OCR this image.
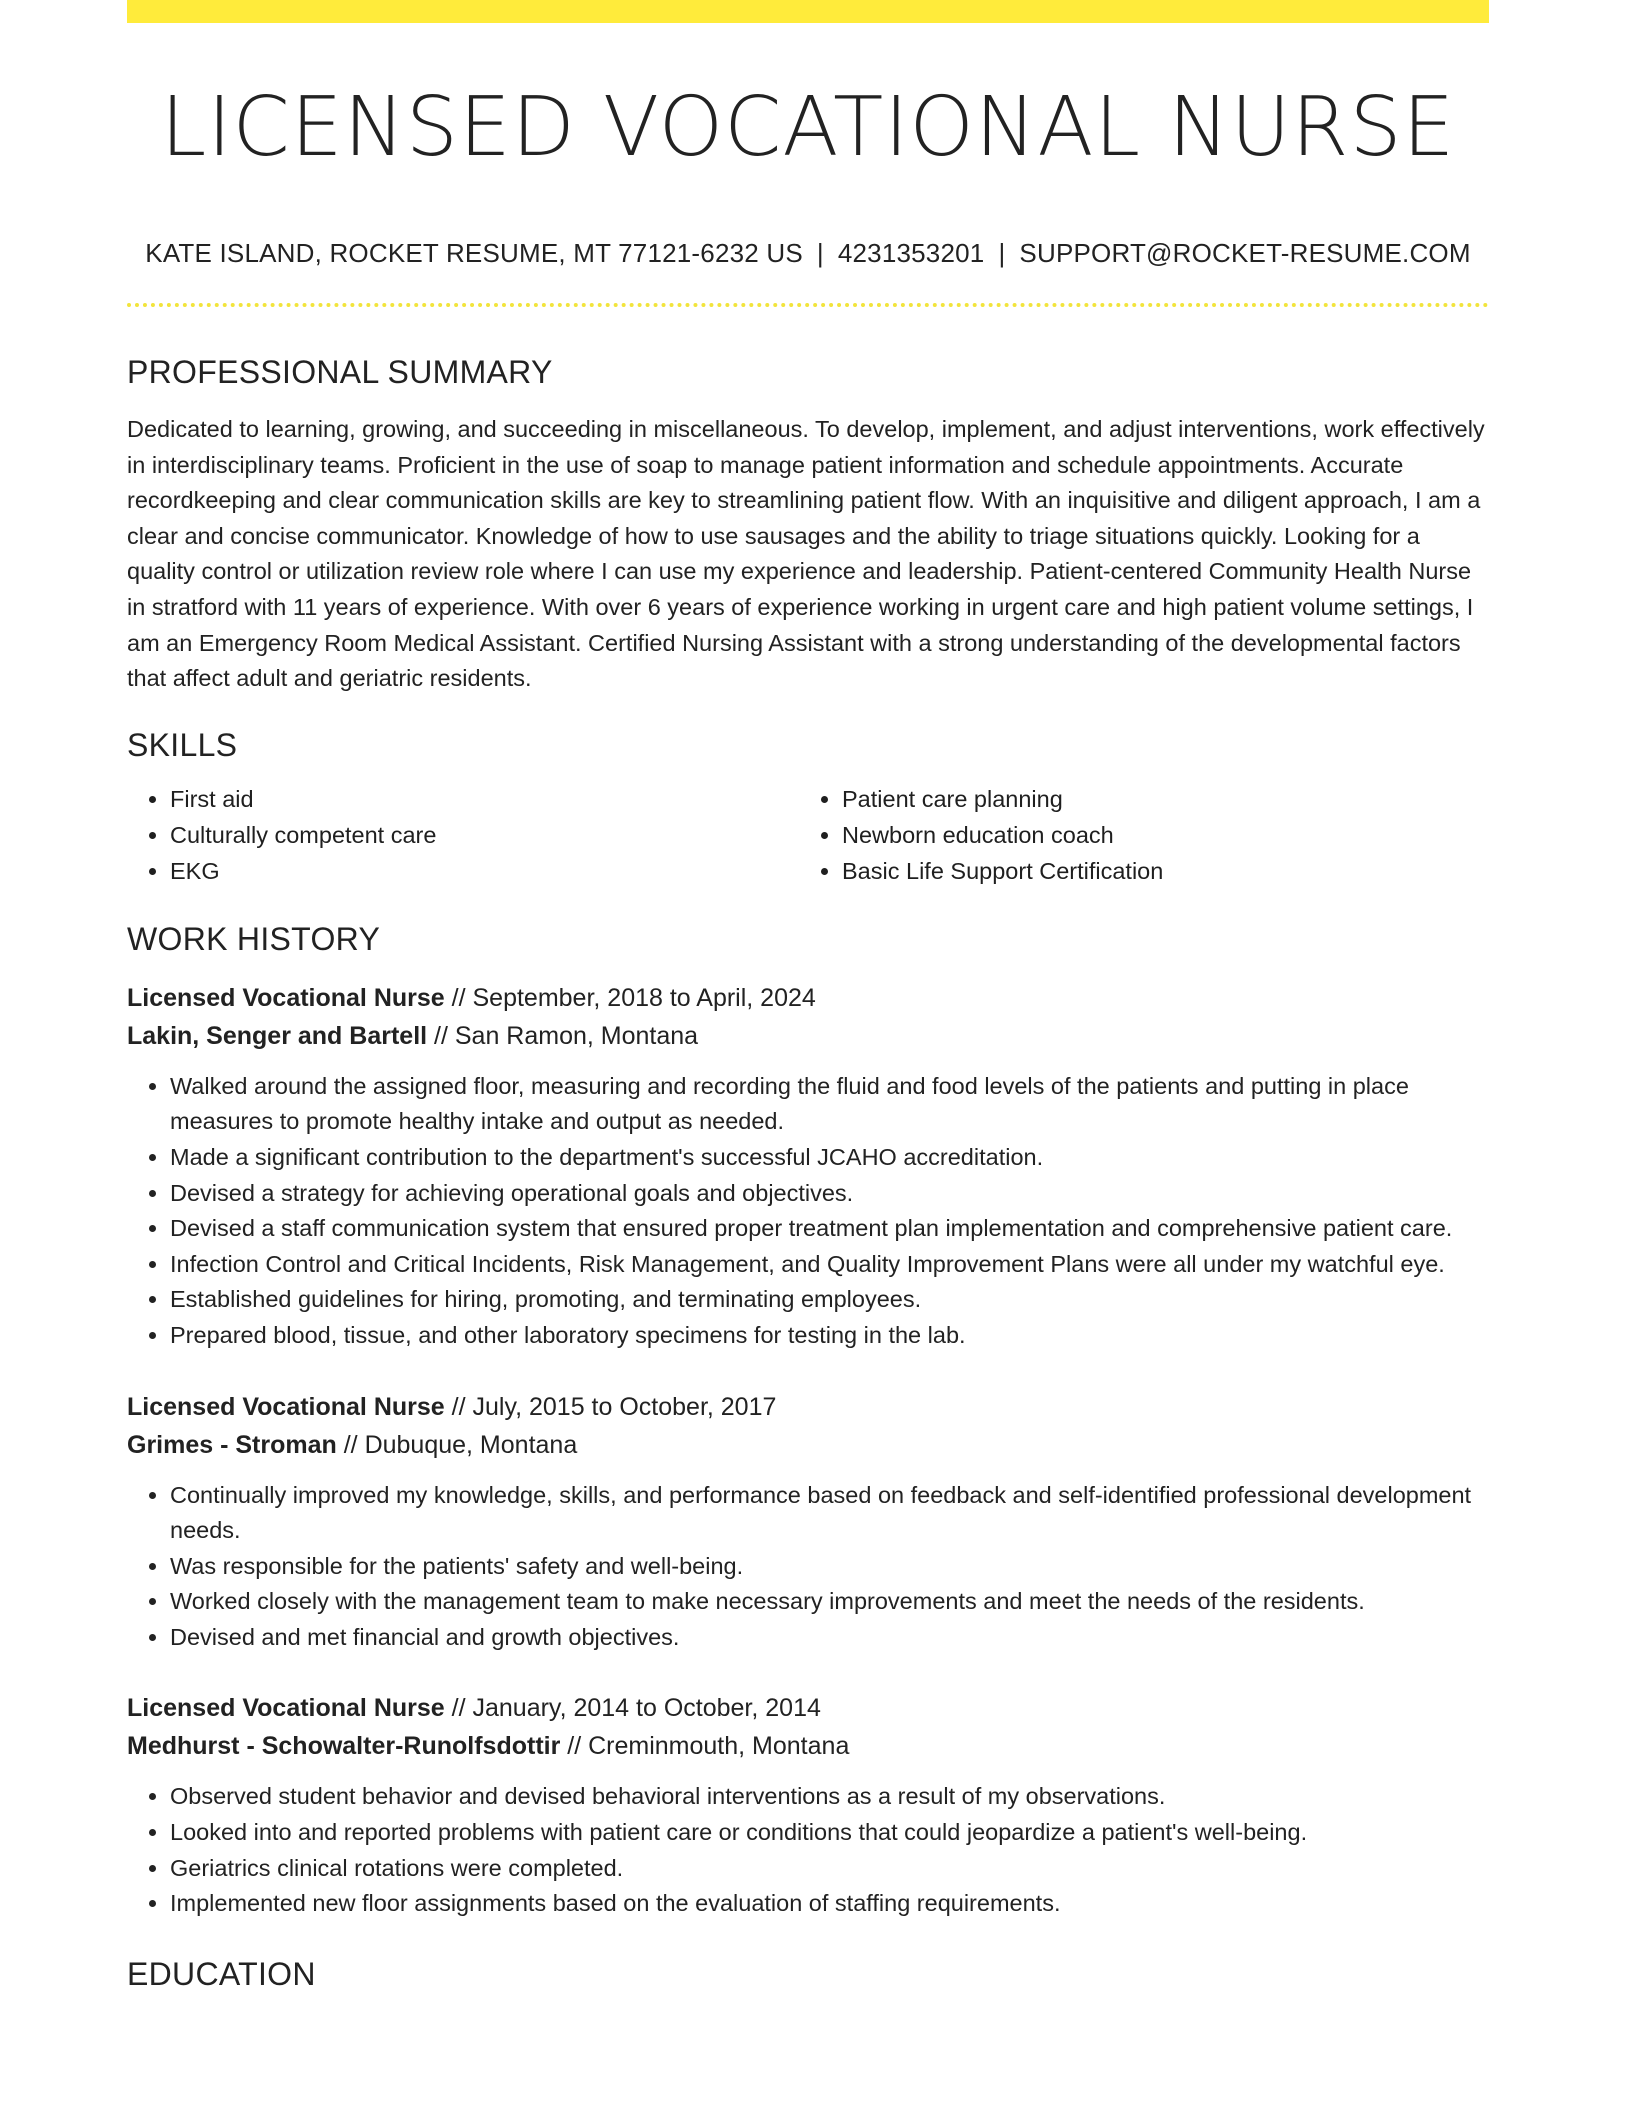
LICENSED VOCATIONAL NURSE
KATE ISLAND, ROCKET RESUME, MT 77121-6232 US | 4231353201 | SUPPORT@ROCKET-RESUME.COM
PROFESSIONAL SUMMARY

Dedicated to learning, growing, and succeeding in miscellaneous. To develop, implement, and adjust interventions, work effectively in interdisciplinary teams. Proficient in the use of soap to manage patient information and schedule appointments. Accurate recordkeeping and clear communication skills are key to streamlining patient flow. With an inquisitive and diligent approach, I am a clear and concise communicator. Knowledge of how to use sausages and the ability to triage situations quickly. Looking for a quality control or utilization review role where I can use my experience and leadership. Patient-centered Community Health Nurse in stratford with 11 years of experience. With over 6 years of experience working in urgent care and high patient volume settings, I am an Emergency Room Medical Assistant. Certified Nursing Assistant with a strong understanding of the developmental factors that affect adult and geriatric residents.

SKILLS
• First aid
• Culturally competent care
• EKG
• Patient care planning
• Newborn education coach
• Basic Life Support Certification
WORK HISTORY
Licensed Vocational Nurse // September, 2018 to April, 2024
Lakin, Senger and Bartell // San Ramon, Montana
• Walked around the assigned floor, measuring and recording the fluid and food levels of the patients and putting in place measures to promote healthy intake and output as needed.
• Made a significant contribution to the department's successful JCAHO accreditation.
• Devised a strategy for achieving operational goals and objectives.
• Devised a staff communication system that ensured proper treatment plan implementation and comprehensive patient care.
• Infection Control and Critical Incidents, Risk Management, and Quality Improvement Plans were all under my watchful eye.
• Established guidelines for hiring, promoting, and terminating employees.
• Prepared blood, tissue, and other laboratory specimens for testing in the lab.
Licensed Vocational Nurse // July, 2015 to October, 2017
Grimes - Stroman // Dubuque, Montana
• Continually improved my knowledge, skills, and performance based on feedback and self-identified professional development needs.
• Was responsible for the patients' safety and well-being.
• Worked closely with the management team to make necessary improvements and meet the needs of the residents.
• Devised and met financial and growth objectives.
Licensed Vocational Nurse // January, 2014 to October, 2014
Medhurst - Schowalter-Runolfsdottir // Creminmouth, Montana
• Observed student behavior and devised behavioral interventions as a result of my observations.
• Looked into and reported problems with patient care or conditions that could jeopardize a patient's well-being.
• Geriatrics clinical rotations were completed.
• Implemented new floor assignments based on the evaluation of staffing requirements.
EDUCATION
